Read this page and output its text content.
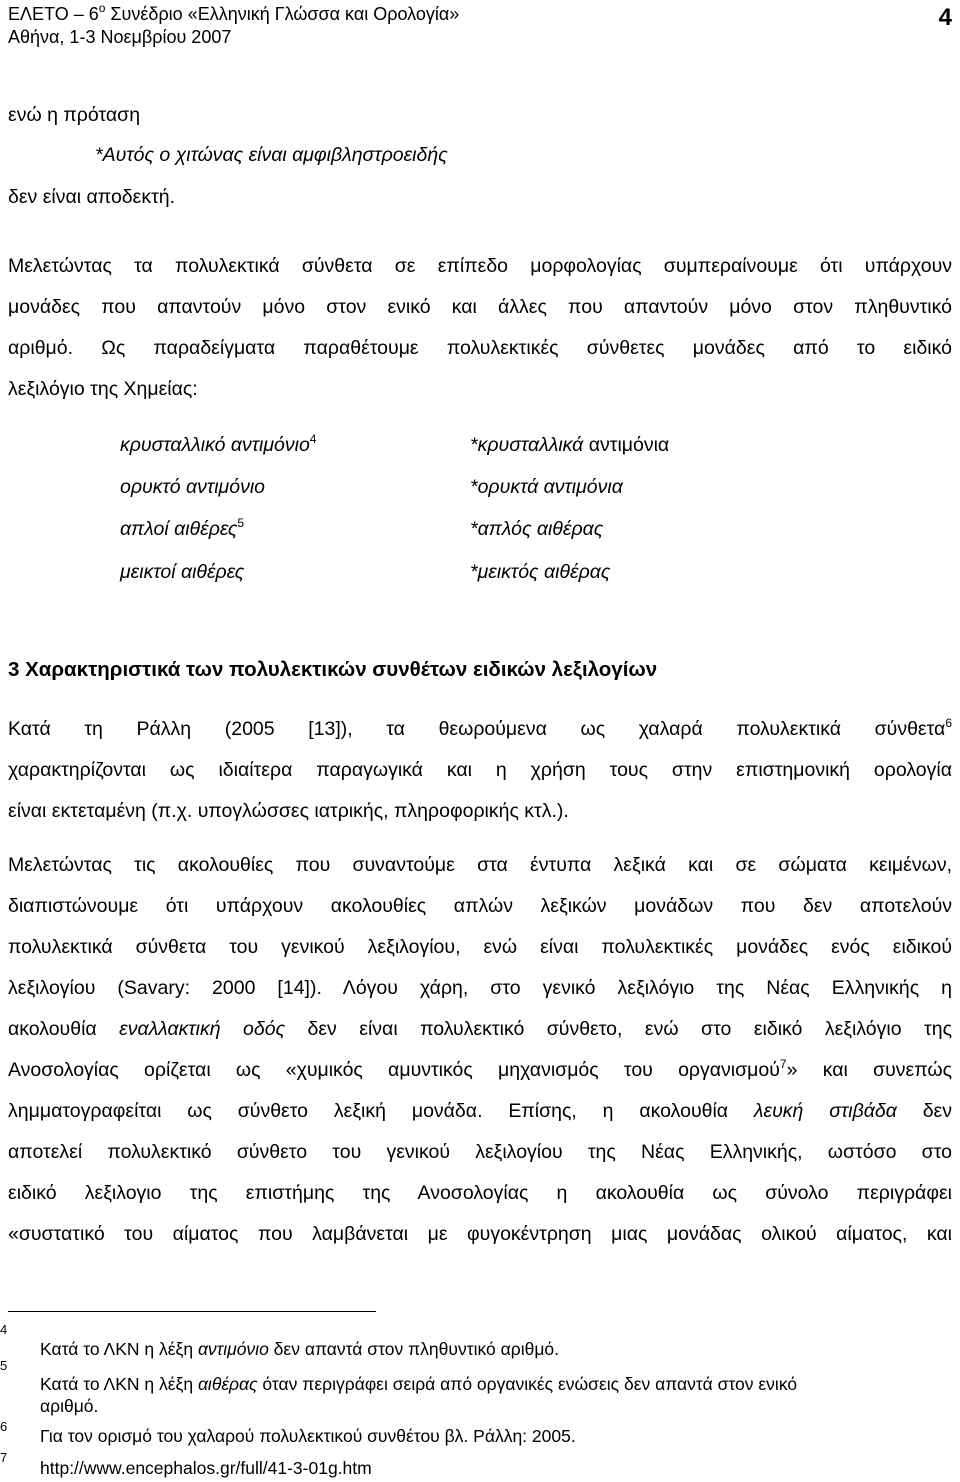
ΕΛΕΤΟ – $6^o$ Συνέδριο «Ελληνική Γλώσσα και Ορολογία»
Αθήνα, 1-3 Νοεμβρίου 2007
4
ενώ η πρόταση
*Αυτός ο χιτώνας είναι αμφιβληστροειδής
δεν είναι αποδεκτή.
Μελετώντας τα πολυλεκτικά σύνθετα σε επίπεδο μορφολογίας συμπεραίνουμε ότι υπάρχουν
μονάδες που απαντούν μόνο στον ενικό και άλλες που απαντούν μόνο στον πληθυντικό
αριθμό. Ως παραδείγματα παραθέτουμε πολυλεκτικές σύνθετες μονάδες από το ειδικό
λεξιλόγιο της Χημείας:
κρυσταλλικό αντιμόνιο$^4$	*κρυσταλλικά αντιμόνια
ορυκτό αντιμόνιο	*ορυκτά αντιμόνια
απλοί αιθέρες$^5$	*απλός αιθέρας
μεικτοί αιθέρες	*μεικτός αιθέρας
3 Χαρακτηριστικά των πολυλεκτικών συνθέτων ειδικών λεξιλογίων
Κατά τη Ράλλη (2005 [13]), τα θεωρούμενα ως χαλαρά πολυλεκτικά σύνθετα$^6$
χαρακτηρίζονται ως ιδιαίτερα παραγωγικά και η χρήση τους στην επιστημονική ορολογία
είναι εκτεταμένη (π.χ. υπογλώσσες ιατρικής, πληροφορικής κτλ.).
Μελετώντας τις ακολουθίες που συναντούμε στα έντυπα λεξικά και σε σώματα κειμένων,
διαπιστώνουμε ότι υπάρχουν ακολουθίες απλών λεξικών μονάδων που δεν αποτελούν
πολυλεκτικά σύνθετα του γενικού λεξιλογίου, ενώ είναι πολυλεκτικές μονάδες ενός ειδικού
λεξιλογίου (Savary: 2000 [14]). Λόγου χάρη, στο γενικό λεξιλόγιο της Νέας Ελληνικής η
ακολουθία εναλλακτική οδός δεν είναι πολυλεκτικό σύνθετο, ενώ στο ειδικό λεξιλόγιο της
Ανοσολογίας ορίζεται ως «χυμικός αμυντικός μηχανισμός του οργανισμού$^7$» και συνεπώς
λημματογραφείται ως σύνθετο λεξική μονάδα. Επίσης, η ακολουθία λευκή στιβάδα δεν
αποτελεί πολυλεκτικό σύνθετο του γενικού λεξιλογίου της Νέας Ελληνικής, ωστόσο στο
ειδικό λεξιλογιο της επιστήμης της Ανοσολογίας η ακολουθία ως σύνολο περιγράφει
«συστατικό του αίματος που λαμβάνεται με φυγοκέντρηση μιας μονάδας ολικού αίματος, και
4
Κατά το ΛΚΝ η λέξη αντιμόνιο δεν απαντά στον πληθυντικό αριθμό.
5
Κατά το ΛΚΝ η λέξη αιθέρας όταν περιγράφει σειρά από οργανικές ενώσεις δεν απαντά στον ενικό
αριθμό.
6 Για τον ορισμό του χαλαρού πολυλεκτικού συνθέτου βλ. Ράλλη: 2005.
7
http://www.encephalos.gr/full/41-3-01g.htm
